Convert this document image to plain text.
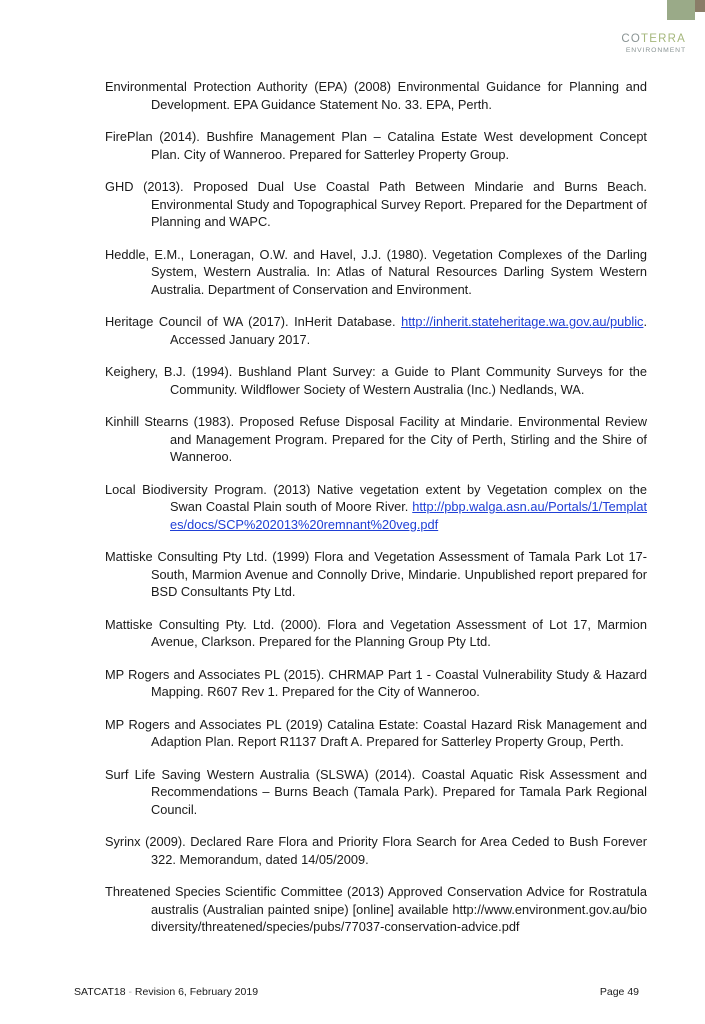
COTERRA
ENVIRONMENT

Environmental Protection Authority (EPA) (2008) Environmental Guidance for Planning and Development. EPA Guidance Statement No. 33. EPA, Perth.

FirePlan (2014). Bushfire Management Plan – Catalina Estate West development Concept Plan. City of Wanneroo. Prepared for Satterley Property Group.

GHD (2013). Proposed Dual Use Coastal Path Between Mindarie and Burns Beach. Environmental Study and Topographical Survey Report. Prepared for the Department of Planning and WAPC.

Heddle, E.M., Loneragan, O.W. and Havel, J.J. (1980). Vegetation Complexes of the Darling System, Western Australia. In: Atlas of Natural Resources Darling System Western Australia. Department of Conservation and Environment.

Heritage Council of WA (2017). InHerit Database. http://inherit.stateheritage.wa.gov.au/public. Accessed January 2017.

Keighery, B.J. (1994). Bushland Plant Survey: a Guide to Plant Community Surveys for the Community. Wildflower Society of Western Australia (Inc.) Nedlands, WA.

Kinhill Stearns (1983). Proposed Refuse Disposal Facility at Mindarie. Environmental Review and Management Program. Prepared for the City of Perth, Stirling and the Shire of Wanneroo.

Local Biodiversity Program. (2013) Native vegetation extent by Vegetation complex on the Swan Coastal Plain south of Moore River. http://pbp.walga.asn.au/Portals/1/Templates/docs/SCP%202013%20remnant%20veg.pdf

Mattiske Consulting Pty Ltd. (1999) Flora and Vegetation Assessment of Tamala Park Lot 17-South, Marmion Avenue and Connolly Drive, Mindarie. Unpublished report prepared for BSD Consultants Pty Ltd.

Mattiske Consulting Pty. Ltd. (2000). Flora and Vegetation Assessment of Lot 17, Marmion Avenue, Clarkson. Prepared for the Planning Group Pty Ltd.

MP Rogers and Associates PL (2015). CHRMAP Part 1 - Coastal Vulnerability Study & Hazard Mapping. R607 Rev 1. Prepared for the City of Wanneroo.

MP Rogers and Associates PL (2019) Catalina Estate: Coastal Hazard Risk Management and Adaption Plan. Report R1137 Draft A. Prepared for Satterley Property Group, Perth.

Surf Life Saving Western Australia (SLSWA) (2014). Coastal Aquatic Risk Assessment and Recommendations – Burns Beach (Tamala Park). Prepared for Tamala Park Regional Council.

Syrinx (2009). Declared Rare Flora and Priority Flora Search for Area Ceded to Bush Forever 322. Memorandum, dated 14/05/2009.

Threatened Species Scientific Committee (2013) Approved Conservation Advice for Rostratula australis (Australian painted snipe) [online] available http://www.environment.gov.au/biodiversity/threatened/species/pubs/77037-conservation-advice.pdf

SATCAT18 - Revision 6, February 2019	Page 49
